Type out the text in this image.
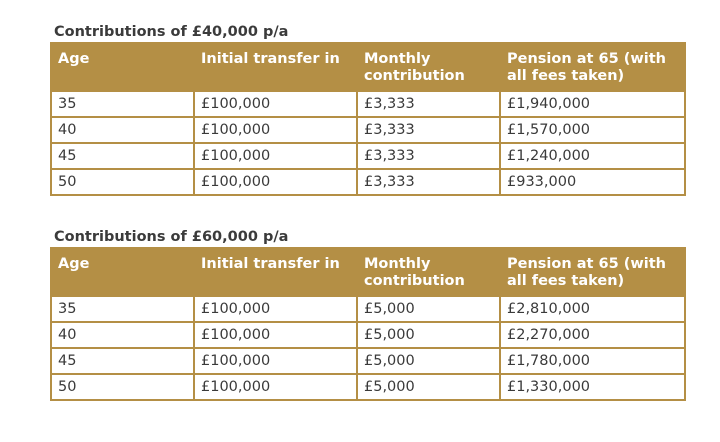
Contributions of £40,000 p/a
Age	Initial transfer in	Monthly contribution	Pension at 65 (with all fees taken)
35	£100,000	£3,333	£1,940,000
40	£100,000	£3,333	£1,570,000
45	£100,000	£3,333	£1,240,000
50	£100,000	£3,333	£933,000
Contributions of £60,000 p/a
Age	Initial transfer in	Monthly contribution	Pension at 65 (with all fees taken)
35	£100,000	£5,000	£2,810,000
40	£100,000	£5,000	£2,270,000
45	£100,000	£5,000	£1,780,000
50	£100,000	£5,000	£1,330,000
